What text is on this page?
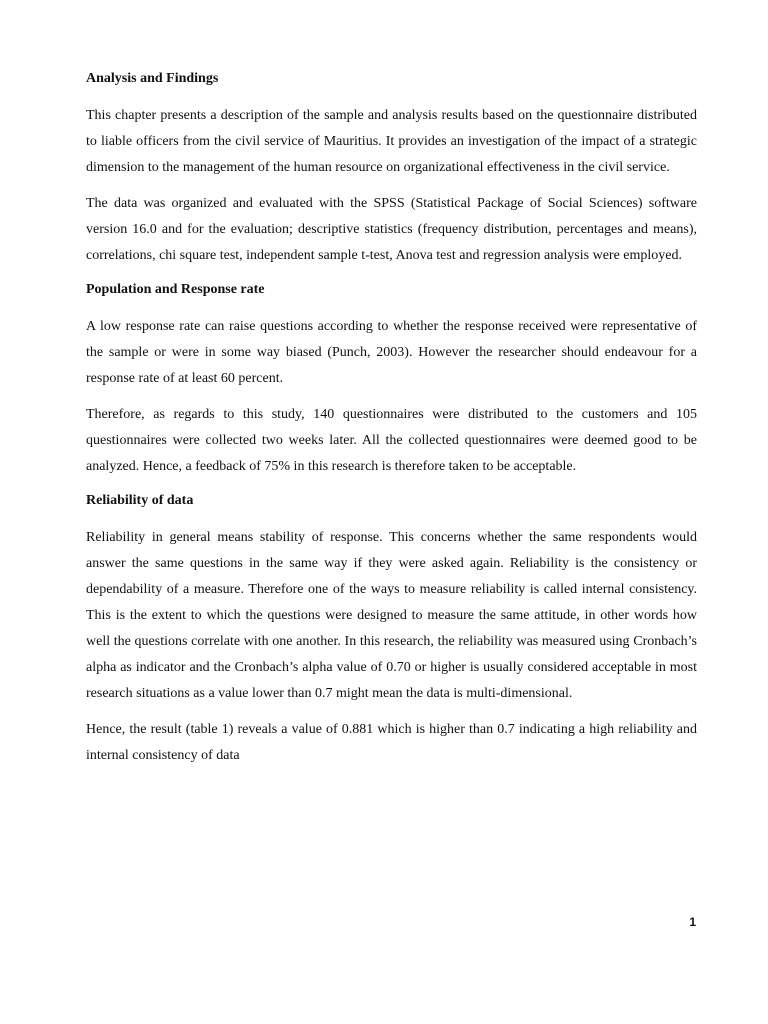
Analysis and Findings

This chapter presents a description of the sample and analysis results based on the questionnaire distributed to liable officers from the civil service of Mauritius. It provides an investigation of the impact of a strategic dimension to the management of the human resource on organizational effectiveness in the civil service.

The data was organized and evaluated with the SPSS (Statistical Package of Social Sciences) software version 16.0 and for the evaluation; descriptive statistics (frequency distribution, percentages and means), correlations, chi square test, independent sample t-test, Anova test and regression analysis were employed.

Population and Response rate

A low response rate can raise questions according to whether the response received were representative of the sample or were in some way biased (Punch, 2003). However the researcher should endeavour for a response rate of at least 60 percent.

Therefore, as regards to this study, 140 questionnaires were distributed to the customers and 105 questionnaires were collected two weeks later. All the collected questionnaires were deemed good to be analyzed. Hence, a feedback of 75% in this research is therefore taken to be acceptable.

Reliability of data

Reliability in general means stability of response. This concerns whether the same respondents would answer the same questions in the same way if they were asked again. Reliability is the consistency or dependability of a measure. Therefore one of the ways to measure reliability is called internal consistency. This is the extent to which the questions were designed to measure the same attitude, in other words how well the questions correlate with one another. In this research, the reliability was measured using Cronbach’s alpha as indicator and the Cronbach’s alpha value of 0.70 or higher is usually considered acceptable in most research situations as a value lower than 0.7 might mean the data is multi-dimensional.

Hence, the result (table 1) reveals a value of 0.881 which is higher than 0.7 indicating a high reliability and internal consistency of data

1
